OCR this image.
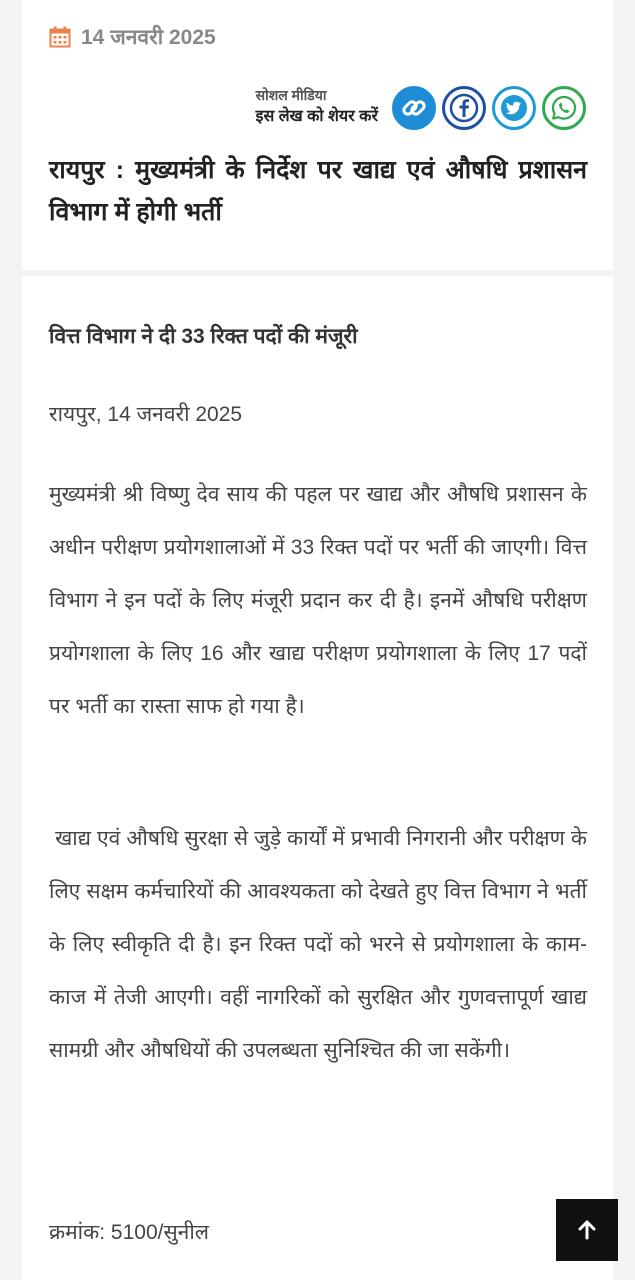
14 जनवरी 2025
सोशल मीडिया
इस लेख को शेयर करें
रायपुर : मुख्यमंत्री के निर्देश पर खाद्य एवं औषधि प्रशासन विभाग में होगी भर्ती
वित्त विभाग ने दी 33 रिक्त पदों की मंजूरी

रायपुर, 14 जनवरी 2025

मुख्यमंत्री श्री विष्णु देव साय की पहल पर खाद्य और औषधि प्रशासन के अधीन परीक्षण प्रयोगशालाओं में 33 रिक्त पदों पर भर्ती की जाएगी। वित्त विभाग ने इन पदों के लिए मंजूरी प्रदान कर दी है। इनमें औषधि परीक्षण प्रयोगशाला के लिए 16 और खाद्य परीक्षण प्रयोगशाला के लिए 17 पदों पर भर्ती का रास्ता साफ हो गया है।

खाद्य एवं औषधि सुरक्षा से जुड़े कार्यों में प्रभावी निगरानी और परीक्षण के लिए सक्षम कर्मचारियों की आवश्यकता को देखते हुए वित्त विभाग ने भर्ती के लिए स्वीकृति दी है। इन रिक्त पदों को भरने से प्रयोगशाला के काम-काज में तेजी आएगी। वहीं नागरिकों को सुरक्षित और गुणवत्तापूर्ण खाद्य सामग्री और औषधियों की उपलब्धता सुनिश्चित की जा सकेंगी।

क्रमांक: 5100/सुनील
